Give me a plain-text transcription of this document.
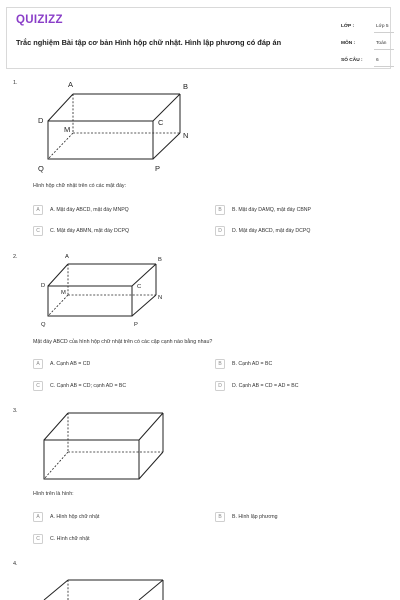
QUIZIZZ
Trắc nghiệm Bài tập cơ bản Hình hộp chữ nhật. Hình lập phương có đáp án
LỚP :	Lớp 5
MÔN :	Toán
SỐ CÂU :	6
1.	A	B
C
D
M
N
P
Q
Hình hộp chữ nhật trên có các mặt đáy:
A	A. Mặt đáy ABCD, mặt đáy MNPQ	B	B. Mặt đáy DAMQ, mặt đáy CBNP
C	C. Mặt đáy ABMN, mặt đáy DCPQ	D	D. Mặt đáy ABCD, mặt đáy DCPQ
2.	A	B
C
D
M
N
P
Q
Mặt đáy ABCD của hình hộp chữ nhật trên có các cặp cạnh nào bằng nhau?
A	A. Cạnh AB = CD	B	B. Cạnh AD = BC
C	C. Cạnh AB = CD; cạnh AD = BC	D	D. Cạnh AB = CD = AD = BC
3.
Hình trên là hình:
A	A. Hình hộp chữ nhật	B	B. Hình lập phương
C	C. Hình chữ nhật
4.
